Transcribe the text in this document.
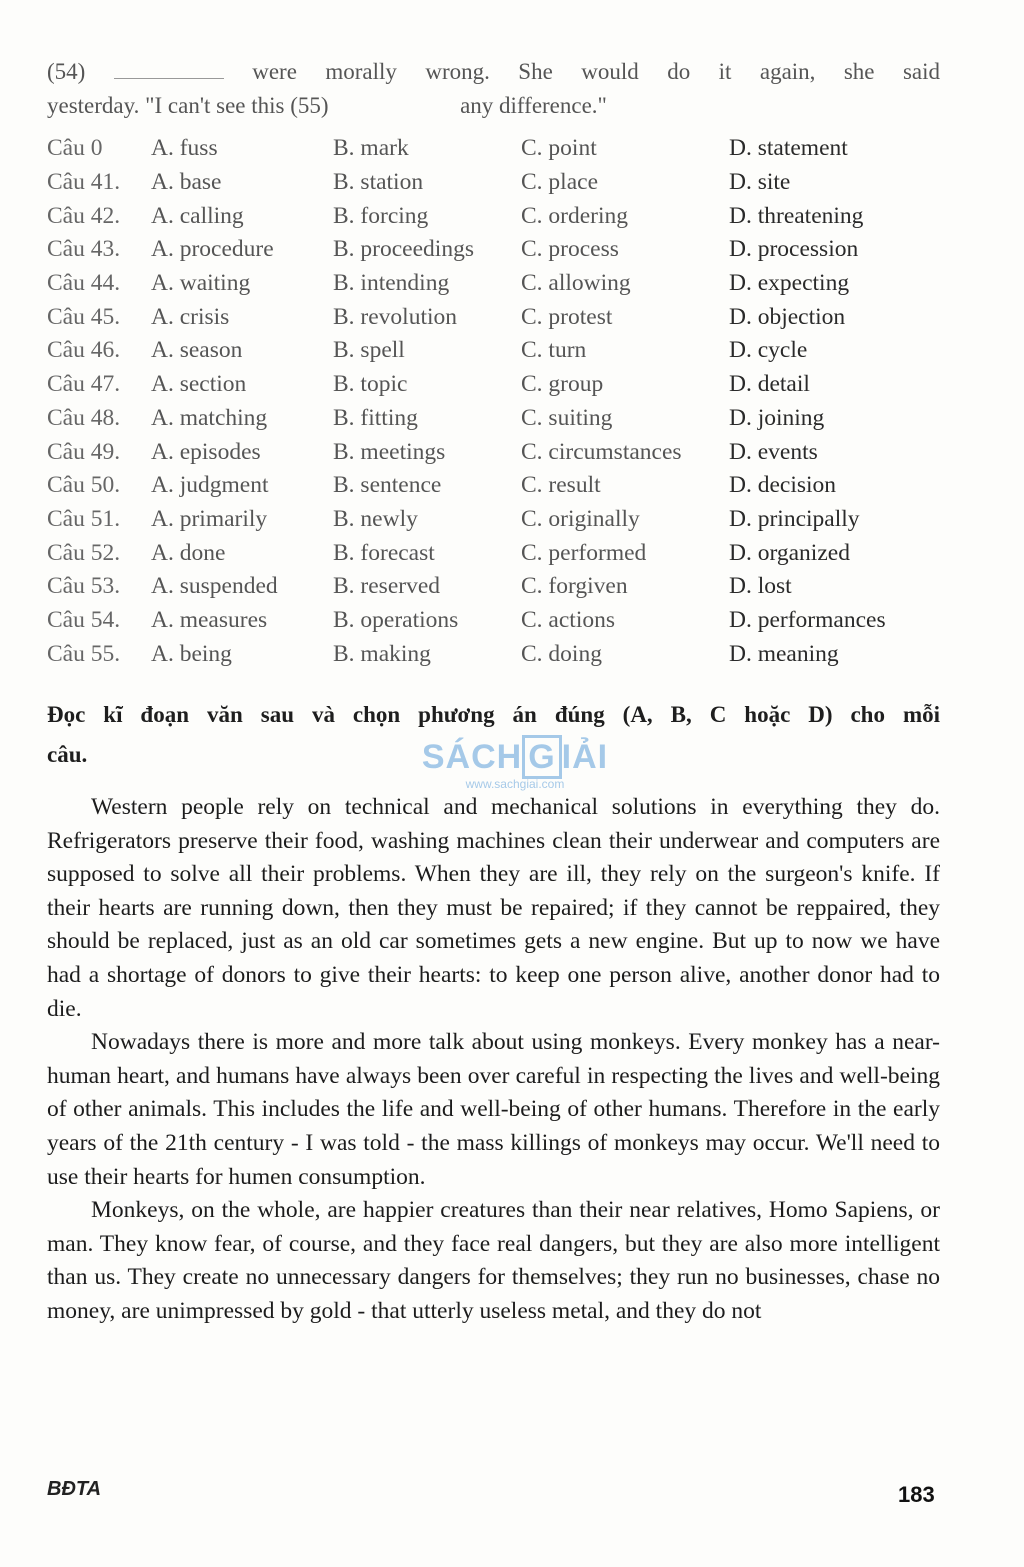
(54)	were morally wrong. She would do it again, she said
yesterday. "I can't see this (55)	any difference."
Câu 0	A. fuss	B. mark	C. point	D. statement
Câu 41.	A. base	B. station	C. place	D. site
Câu 42.	A. calling	B. forcing	C. ordering	D. threatening
Câu 43.	A. procedure	B. proceedings	C. process	D. procession
Câu 44.	A. waiting	B. intending	C. allowing	D. expecting
Câu 45.	A. crisis	B. revolution	C. protest	D. objection
Câu 46.	A. season	B. spell	C. turn	D. cycle
Câu 47.	A. section	B. topic	C. group	D. detail
Câu 48.	A. matching	B. fitting	C. suiting	D. joining
Câu 49.	A. episodes	B. meetings	C. circumstances	D. events
Câu 50.	A. judgment	B. sentence	C. result	D. decision
Câu 51.	A. primarily	B. newly	C. originally	D. principally
Câu 52.	A. done	B. forecast	C. performed	D. organized
Câu 53.	A. suspended	B. reserved	C. forgiven	D. lost
Câu 54.	A. measures	B. operations	C. actions	D. performances
Câu 55.	A. being	B. making	C. doing	D. meaning
Đọc kĩ đoạn văn sau và chọn phương án đúng (A, B, C hoặc D) cho mỗi
câu.

Western people rely on technical and mechanical solutions in everything they do. Refrigerators preserve their food, washing machines clean their underwear and computers are supposed to solve all their problems. When they are ill, they rely on the surgeon's knife. If their hearts are running down, then they must be repaired; if they cannot be reppaired, they should be replaced, just as an old car sometimes gets a new engine. But up to now we have had a shortage of donors to give their hearts: to keep one person alive, another donor had to die.

Nowadays there is more and more talk about using monkeys. Every monkey has a near-human heart, and humans have always been over careful in respecting the lives and well-being of other animals. This includes the life and well-being of other humans. Therefore in the early years of the 21th century - I was told - the mass killings of monkeys may occur. We'll need to use their hearts for humen consumption.

Monkeys, on the whole, are happier creatures than their near relatives, Homo Sapiens, or man. They know fear, of course, and they face real dangers, but they are also more intelligent than us. They create no unnecessary dangers for themselves; they run no businesses, chase no money, are unimpressed by gold - that utterly useless metal, and they do not

SÁCH G IẢI
www.sachgiai.com
BĐTA	183
